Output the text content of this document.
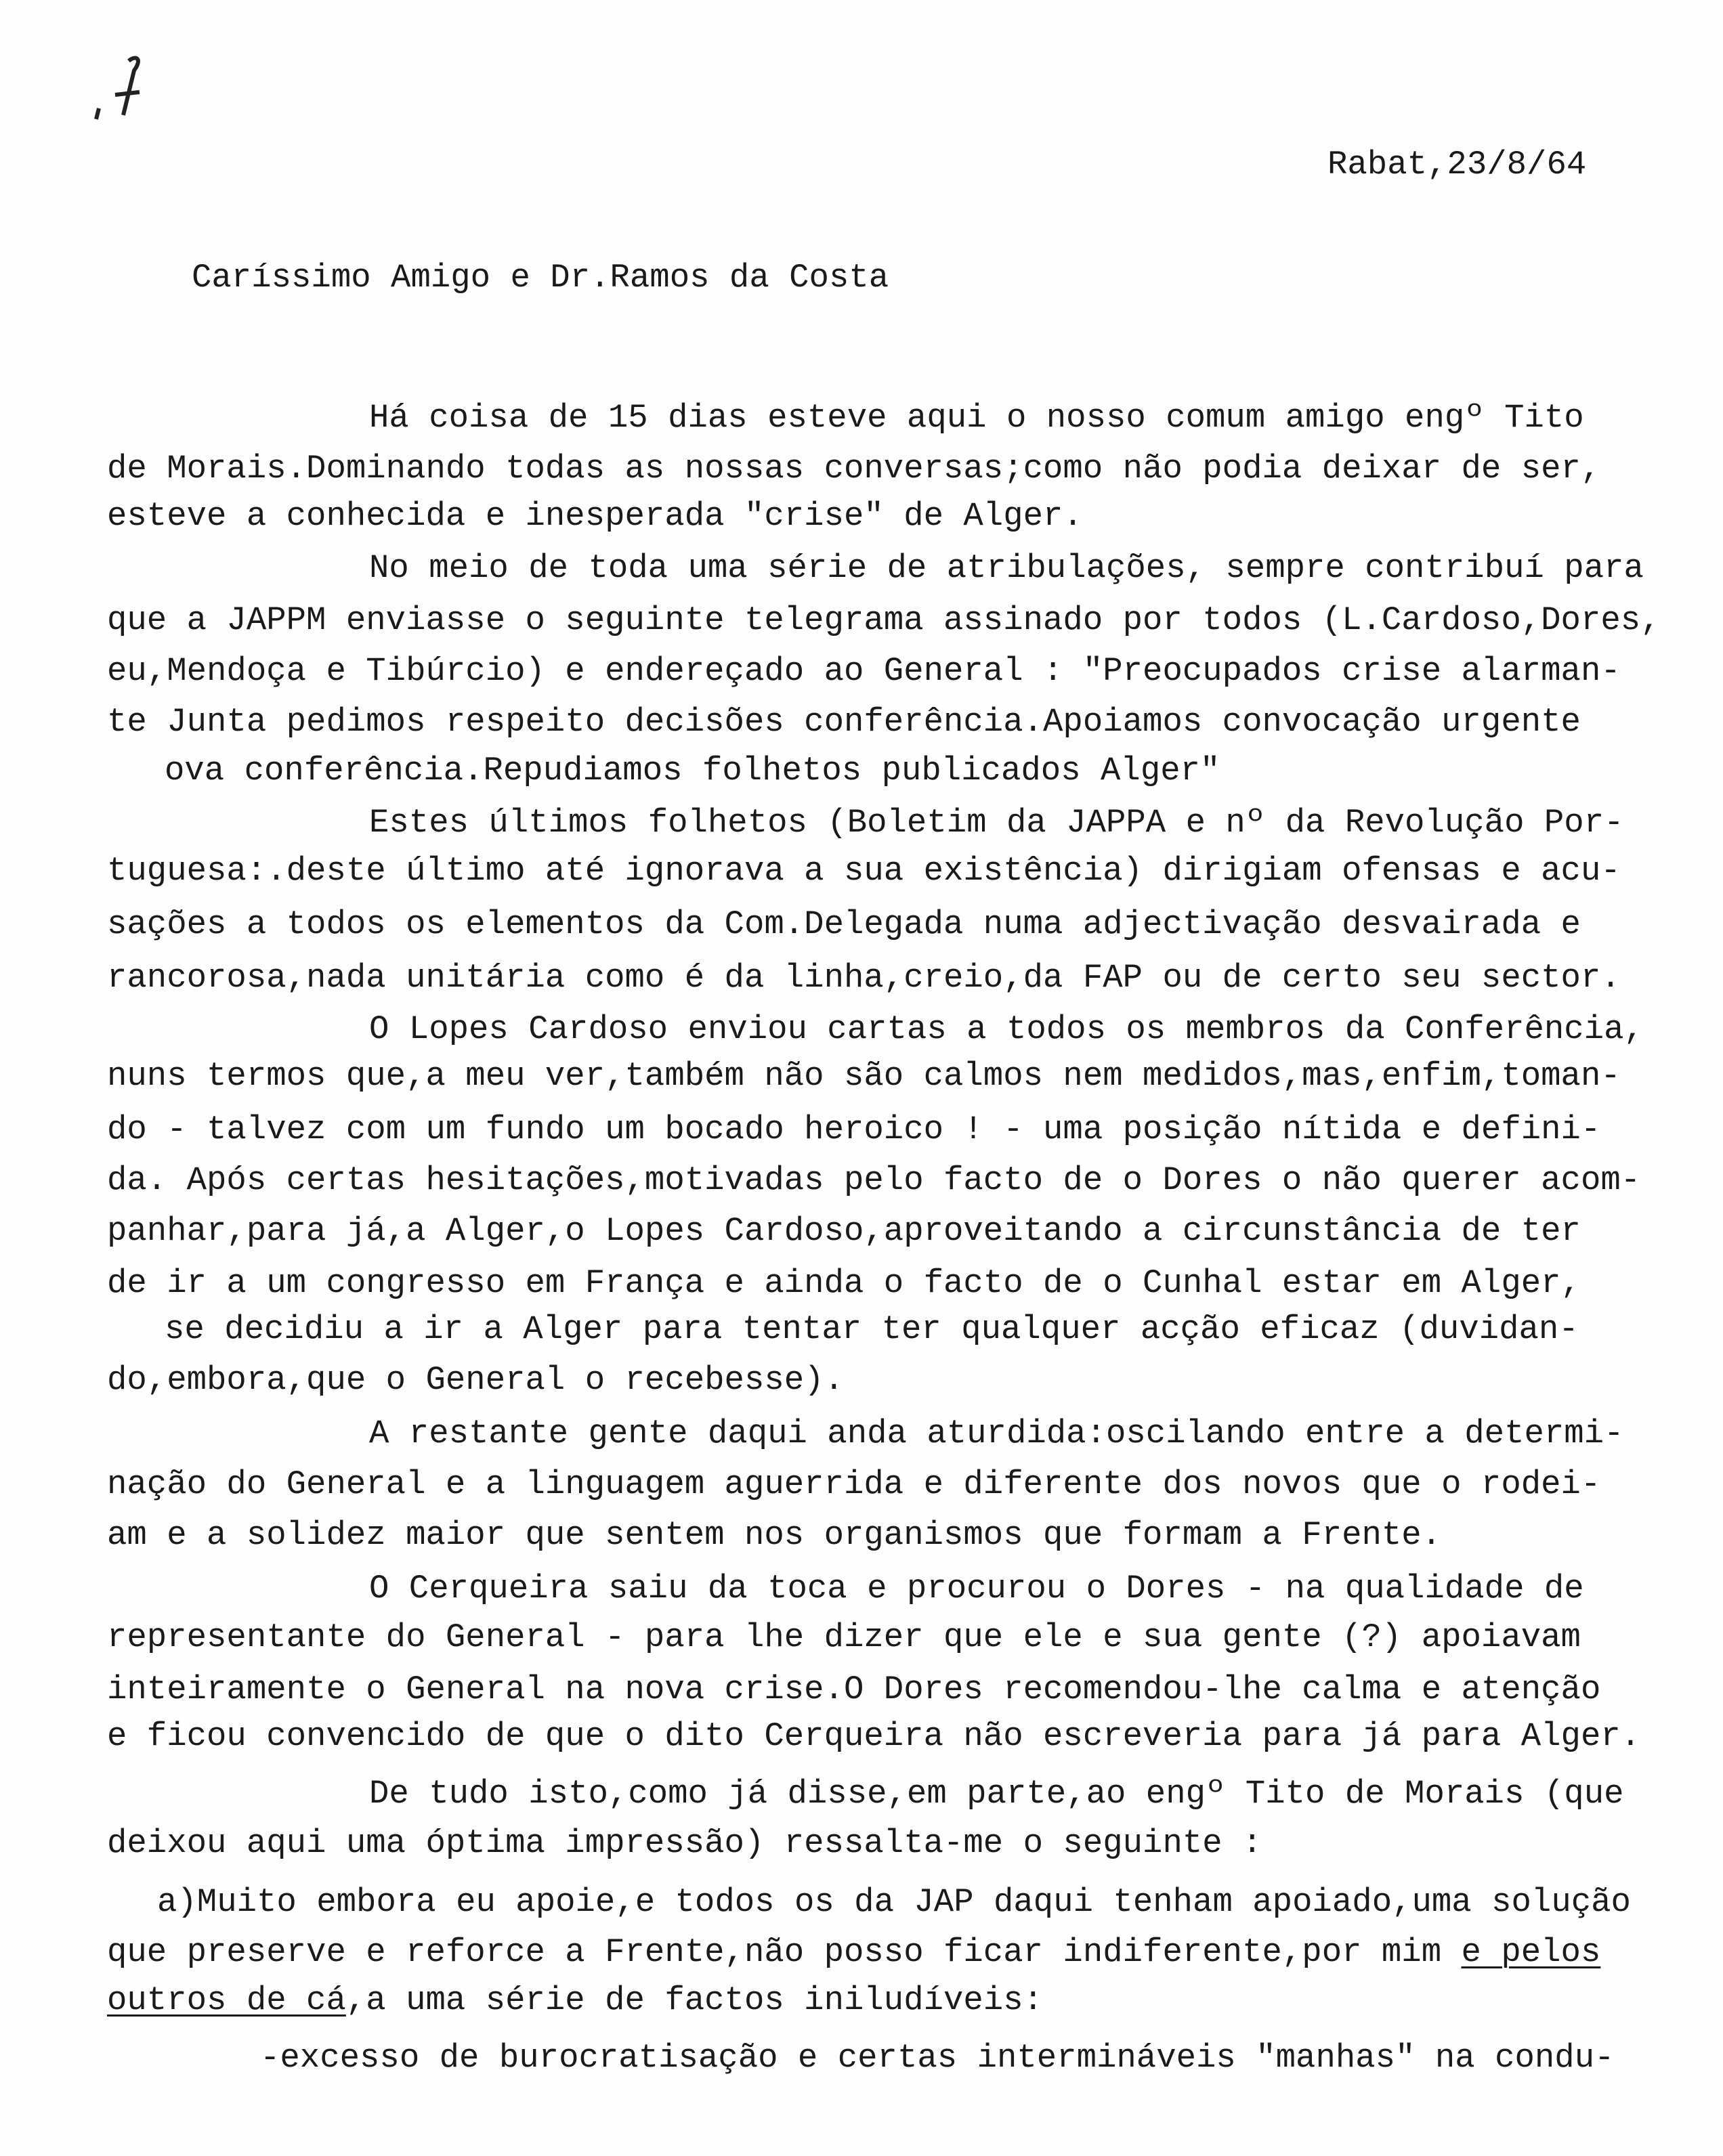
Rabat,23/8/64
Caríssimo Amigo e Dr.Ramos da Costa
Há coisa de 15 dias esteve aqui o nosso comum amigo engº Tito
de Morais.Dominando todas as nossas conversas;como não podia deixar de ser,
esteve a conhecida e inesperada "crise" de Alger.
No meio de toda uma série de atribulações, sempre contribuí para
que a JAPPM enviasse o seguinte telegrama assinado por todos (L.Cardoso,Dores,
eu,Mendoça e Tibúrcio) e endereçado ao General : "Preocupados crise alarman-
te Junta pedimos respeito decisões conferência.Apoiamos convocação urgente
ova conferência.Repudiamos folhetos publicados Alger"
Estes últimos folhetos (Boletim da JAPPA e nº da Revolução Por-
tuguesa:.deste último até ignorava a sua existência) dirigiam ofensas e acu-
sações a todos os elementos da Com.Delegada numa adjectivação desvairada e
rancorosa,nada unitária como é da linha,creio,da FAP ou de certo seu sector.
O Lopes Cardoso enviou cartas a todos os membros da Conferência,
nuns termos que,a meu ver,também não são calmos nem medidos,mas,enfim,toman-
do - talvez com um fundo um bocado heroico ! - uma posição nítida e defini-
da. Após certas hesitações,motivadas pelo facto de o Dores o não querer acom-
panhar,para já,a Alger,o Lopes Cardoso,aproveitando a circunstância de ter
de ir a um congresso em França e ainda o facto de o Cunhal estar em Alger,
se decidiu a ir a Alger para tentar ter qualquer acção eficaz (duvidan-
do,embora,que o General o recebesse).
A restante gente daqui anda aturdida:oscilando entre a determi-
nação do General e a linguagem aguerrida e diferente dos novos que o rodei-
am e a solidez maior que sentem nos organismos que formam a Frente.
O Cerqueira saiu da toca e procurou o Dores - na qualidade de
representante do General - para lhe dizer que ele e sua gente (?) apoiavam
inteiramente o General na nova crise.O Dores recomendou-lhe calma e atenção
e ficou convencido de que o dito Cerqueira não escreveria para já para Alger.
De tudo isto,como já disse,em parte,ao engº Tito de Morais (que
deixou aqui uma óptima impressão) ressalta-me o seguinte :
a)Muito embora eu apoie,e todos os da JAP daqui tenham apoiado,uma solução
que preserve e reforce a Frente,não posso ficar indiferente,por mim e pelos
outros de cá,a uma série de factos iniludíveis:
-excesso de burocratisação e certas intermináveis "manhas" na condu-
